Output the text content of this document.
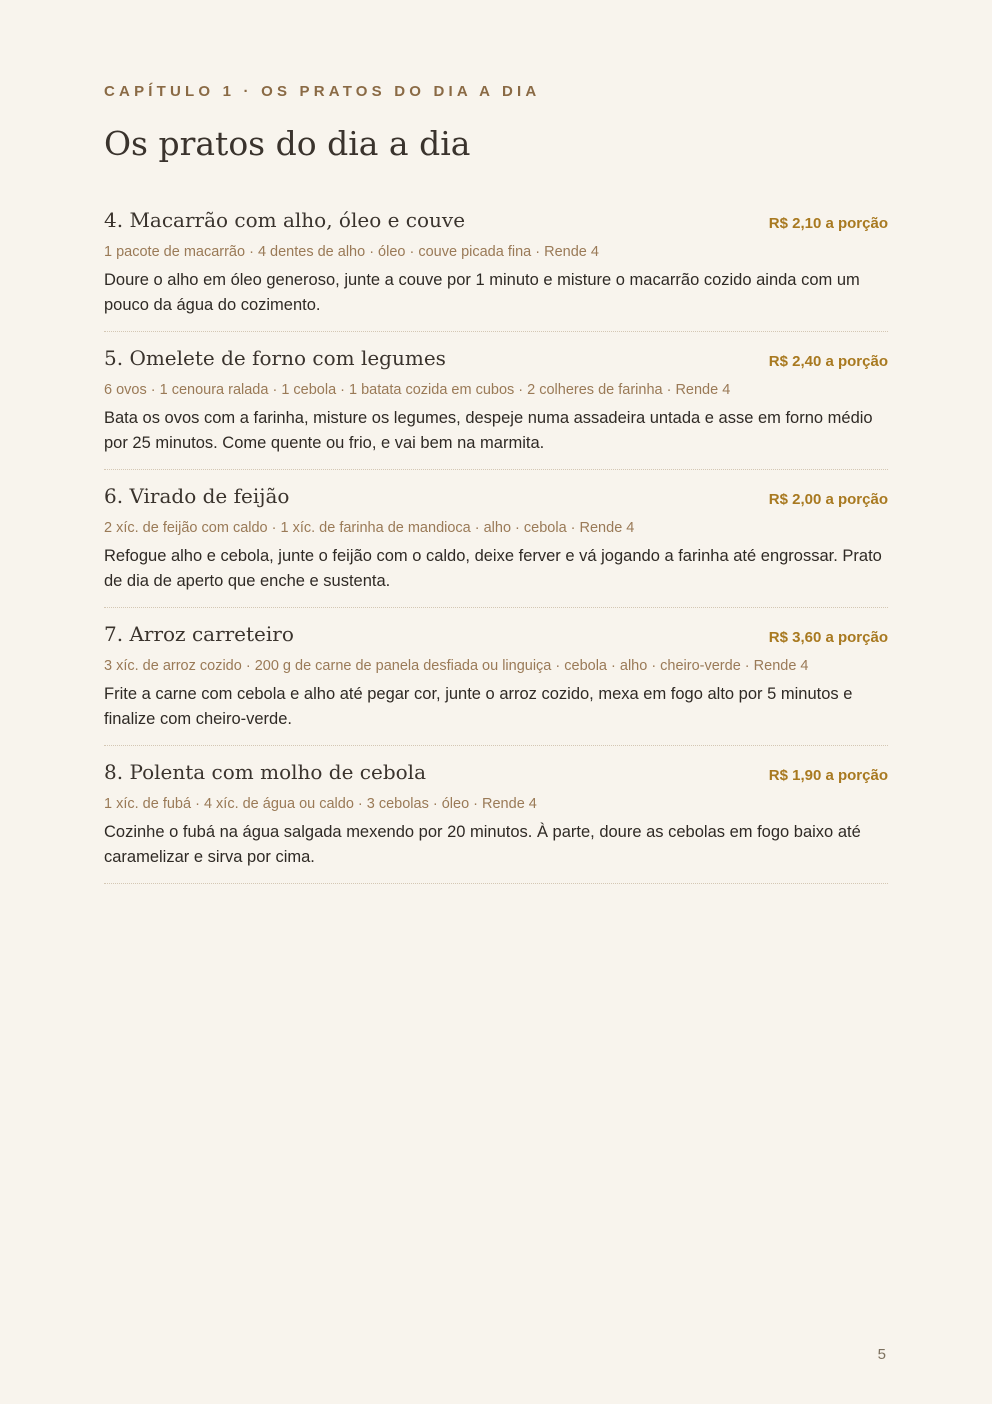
CAPÍTULO 1 · OS PRATOS DO DIA A DIA
Os pratos do dia a dia
4. Macarrão com alho, óleo e couve	R$ 2,10 a porção
1 pacote de macarrão · 4 dentes de alho · óleo · couve picada fina · Rende 4
Doure o alho em óleo generoso, junte a couve por 1 minuto e misture o macarrão cozido ainda com um pouco da água do cozimento.
5. Omelete de forno com legumes	R$ 2,40 a porção
6 ovos · 1 cenoura ralada · 1 cebola · 1 batata cozida em cubos · 2 colheres de farinha · Rende 4
Bata os ovos com a farinha, misture os legumes, despeje numa assadeira untada e asse em forno médio por 25 minutos. Come quente ou frio, e vai bem na marmita.
6. Virado de feijão	R$ 2,00 a porção
2 xíc. de feijão com caldo · 1 xíc. de farinha de mandioca · alho · cebola · Rende 4
Refogue alho e cebola, junte o feijão com o caldo, deixe ferver e vá jogando a farinha até engrossar. Prato de dia de aperto que enche e sustenta.
7. Arroz carreteiro	R$ 3,60 a porção
3 xíc. de arroz cozido · 200 g de carne de panela desfiada ou linguiça · cebola · alho · cheiro-verde · Rende 4
Frite a carne com cebola e alho até pegar cor, junte o arroz cozido, mexa em fogo alto por 5 minutos e finalize com cheiro-verde.
8. Polenta com molho de cebola	R$ 1,90 a porção
1 xíc. de fubá · 4 xíc. de água ou caldo · 3 cebolas · óleo · Rende 4
Cozinhe o fubá na água salgada mexendo por 20 minutos. À parte, doure as cebolas em fogo baixo até caramelizar e sirva por cima.
5
